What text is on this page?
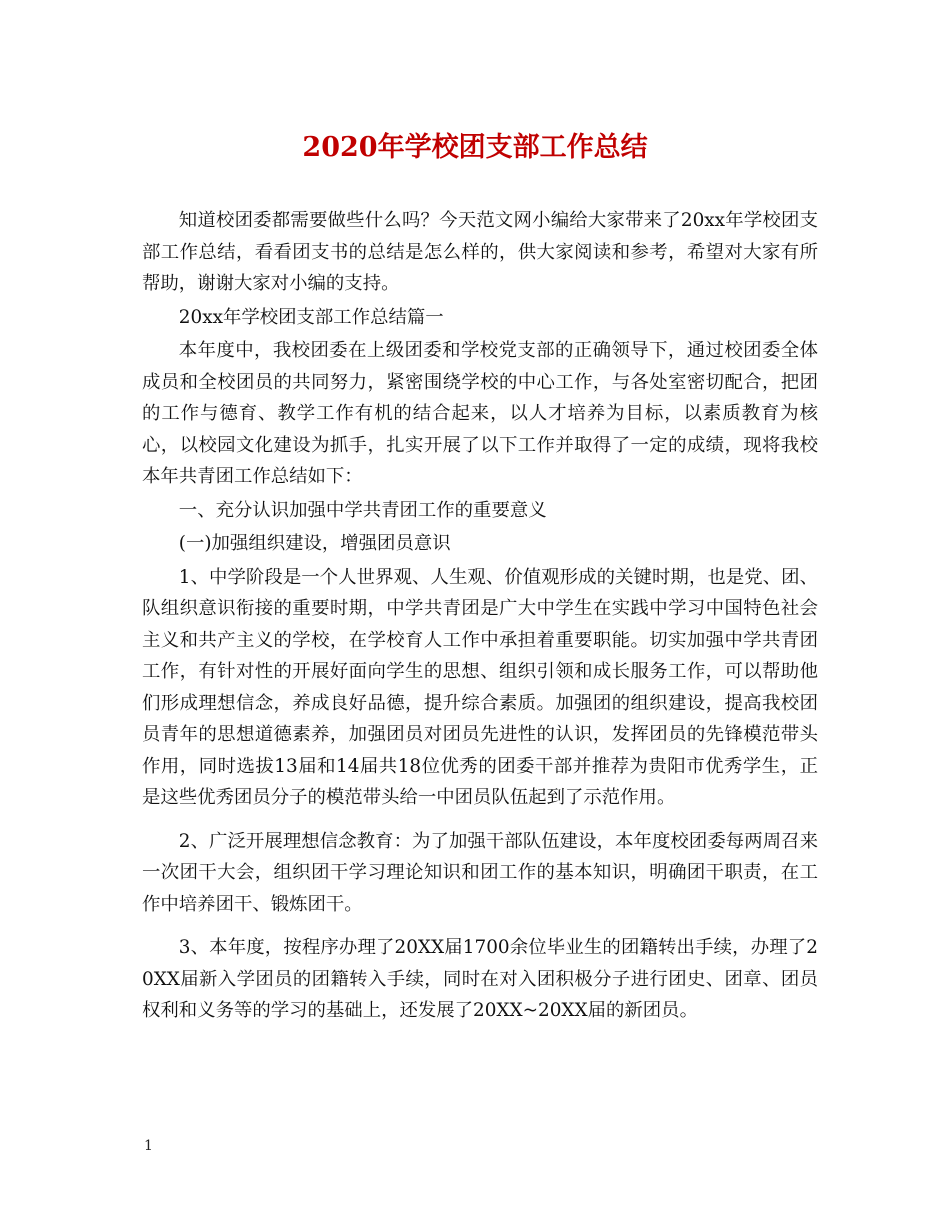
2020年学校团支部工作总结

知道校团委都需要做些什么吗？今天范文网小编给大家带来了20xx年学校团支部工作总结，看看团支书的总结是怎么样的，供大家阅读和参考，希望对大家有所帮助，谢谢大家对小编的支持。

20xx年学校团支部工作总结篇一

本年度中，我校团委在上级团委和学校党支部的正确领导下，通过校团委全体成员和全校团员的共同努力，紧密围绕学校的中心工作，与各处室密切配合，把团的工作与德育、教学工作有机的结合起来，以人才培养为目标，以素质教育为核心，以校园文化建设为抓手，扎实开展了以下工作并取得了一定的成绩，现将我校本年共青团工作总结如下：

一、充分认识加强中学共青团工作的重要意义

(一)加强组织建设，增强团员意识

1、中学阶段是一个人世界观、人生观、价值观形成的关键时期，也是党、团、队组织意识衔接的重要时期，中学共青团是广大中学生在实践中学习中国特色社会主义和共产主义的学校，在学校育人工作中承担着重要职能。切实加强中学共青团工作，有针对性的开展好面向学生的思想、组织引领和成长服务工作，可以帮助他们形成理想信念，养成良好品德，提升综合素质。加强团的组织建设，提高我校团员青年的思想道德素养，加强团员对团员先进性的认识，发挥团员的先锋模范带头作用，同时选拔13届和14届共18位优秀的团委干部并推荐为贵阳市优秀学生，正是这些优秀团员分子的模范带头给一中团员队伍起到了示范作用。

2、广泛开展理想信念教育：为了加强干部队伍建设，本年度校团委每两周召来一次团干大会，组织团干学习理论知识和团工作的基本知识，明确团干职责，在工作中培养团干、锻炼团干。

3、本年度，按程序办理了20XX届1700余位毕业生的团籍转出手续，办理了20XX届新入学团员的团籍转入手续，同时在对入团积极分子进行团史、团章、团员权利和义务等的学习的基础上，还发展了20XX~20XX届的新团员。

1
